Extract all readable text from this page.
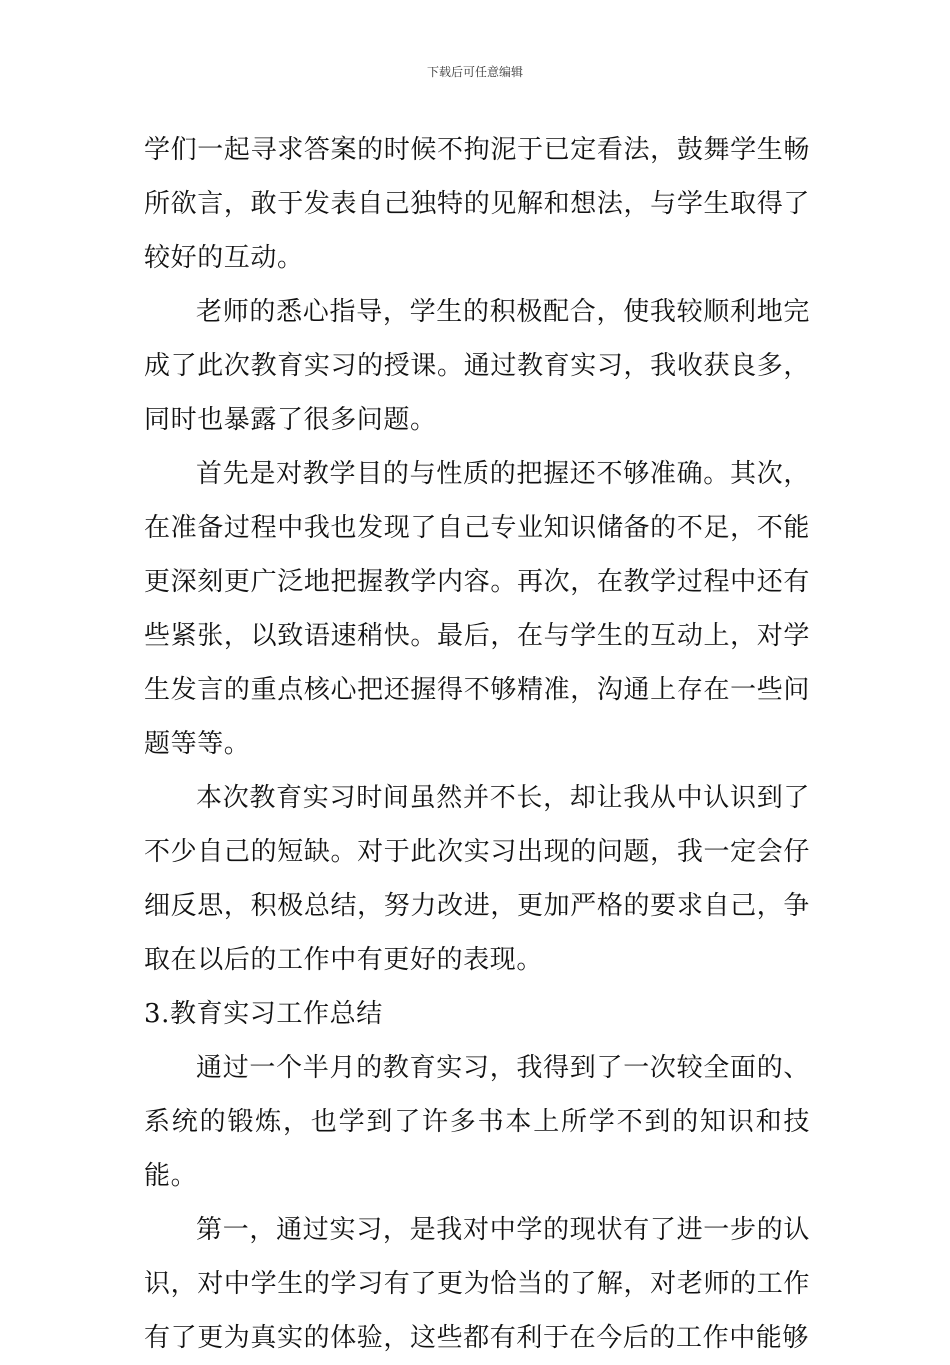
下载后可任意编辑

学们一起寻求答案的时候不拘泥于已定看法，鼓舞学生畅所欲言，敢于发表自己独特的见解和想法，与学生取得了较好的互动。

老师的悉心指导，学生的积极配合，使我较顺利地完成了此次教育实习的授课。通过教育实习，我收获良多，同时也暴露了很多问题。

首先是对教学目的与性质的把握还不够准确。其次，在准备过程中我也发现了自己专业知识储备的不足，不能更深刻更广泛地把握教学内容。再次，在教学过程中还有些紧张，以致语速稍快。最后，在与学生的互动上，对学生发言的重点核心把还握得不够精准，沟通上存在一些问题等等。

本次教育实习时间虽然并不长，却让我从中认识到了不少自己的短缺。对于此次实习出现的问题，我一定会仔细反思，积极总结，努力改进，更加严格的要求自己，争取在以后的工作中有更好的表现。

3.教育实习工作总结

通过一个半月的教育实习，我得到了一次较全面的、系统的锻炼，也学到了许多书本上所学不到的知识和技能。

第一，通过实习，是我对中学的现状有了进一步的认识，对中学生的学习有了更为恰当的了解，对老师的工作有了更为真实的体验，这些都有利于在今后的工作中能够
